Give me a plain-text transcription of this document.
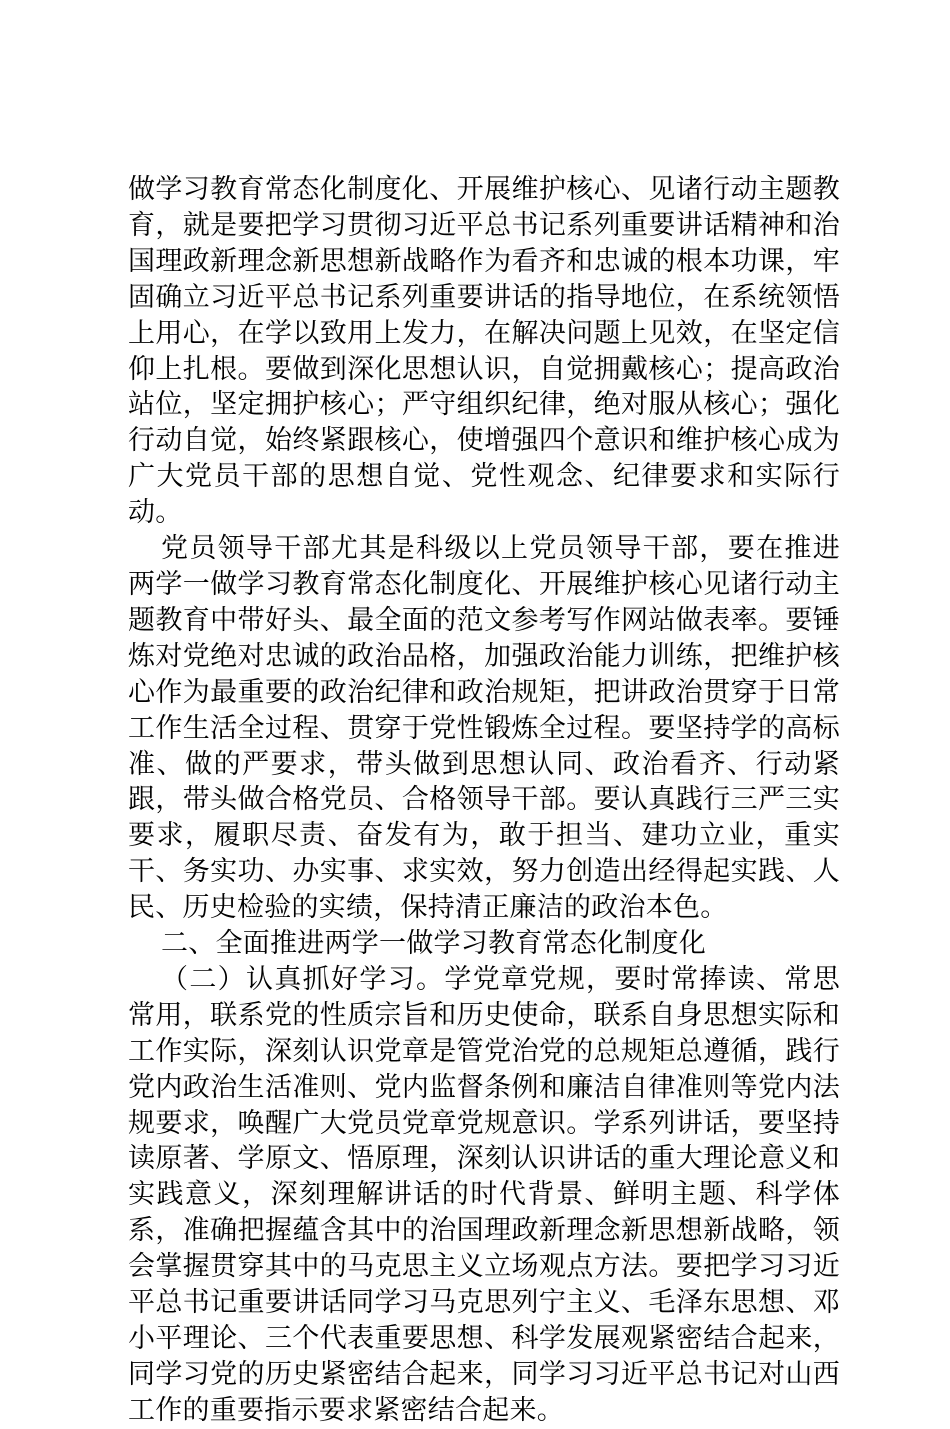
做学习教育常态化制度化、开展维护核心、见诸行动主题教育，就是要把学习贯彻习近平总书记系列重要讲话精神和治国理政新理念新思想新战略作为看齐和忠诚的根本功课，牢固确立习近平总书记系列重要讲话的指导地位，在系统领悟上用心，在学以致用上发力，在解决问题上见效，在坚定信仰上扎根。要做到深化思想认识，自觉拥戴核心；提高政治站位，坚定拥护核心；严守组织纪律，绝对服从核心；强化行动自觉，始终紧跟核心，使增强四个意识和维护核心成为广大党员干部的思想自觉、党性观念、纪律要求和实际行动。

党员领导干部尤其是科级以上党员领导干部，要在推进两学一做学习教育常态化制度化、开展维护核心见诸行动主题教育中带好头、最全面的范文参考写作网站做表率。要锤炼对党绝对忠诚的政治品格，加强政治能力训练，把维护核心作为最重要的政治纪律和政治规矩，把讲政治贯穿于日常工作生活全过程、贯穿于党性锻炼全过程。要坚持学的高标准、做的严要求，带头做到思想认同、政治看齐、行动紧跟，带头做合格党员、合格领导干部。要认真践行三严三实要求，履职尽责、奋发有为，敢于担当、建功立业，重实干、务实功、办实事、求实效，努力创造出经得起实践、人民、历史检验的实绩，保持清正廉洁的政治本色。

二、全面推进两学一做学习教育常态化制度化

（二）认真抓好学习。学党章党规，要时常捧读、常思常用，联系党的性质宗旨和历史使命，联系自身思想实际和工作实际，深刻认识党章是管党治党的总规矩总遵循，践行党内政治生活准则、党内监督条例和廉洁自律准则等党内法规要求，唤醒广大党员党章党规意识。学系列讲话，要坚持读原著、学原文、悟原理，深刻认识讲话的重大理论意义和实践意义，深刻理解讲话的时代背景、鲜明主题、科学体系，准确把握蕴含其中的治国理政新理念新思想新战略，领会掌握贯穿其中的马克思主义立场观点方法。要把学习习近平总书记重要讲话同学习马克思列宁主义、毛泽东思想、邓小平理论、三个代表重要思想、科学发展观紧密结合起来，同学习党的历史紧密结合起来，同学习习近平总书记对山西工作的重要指示要求紧密结合起来。
